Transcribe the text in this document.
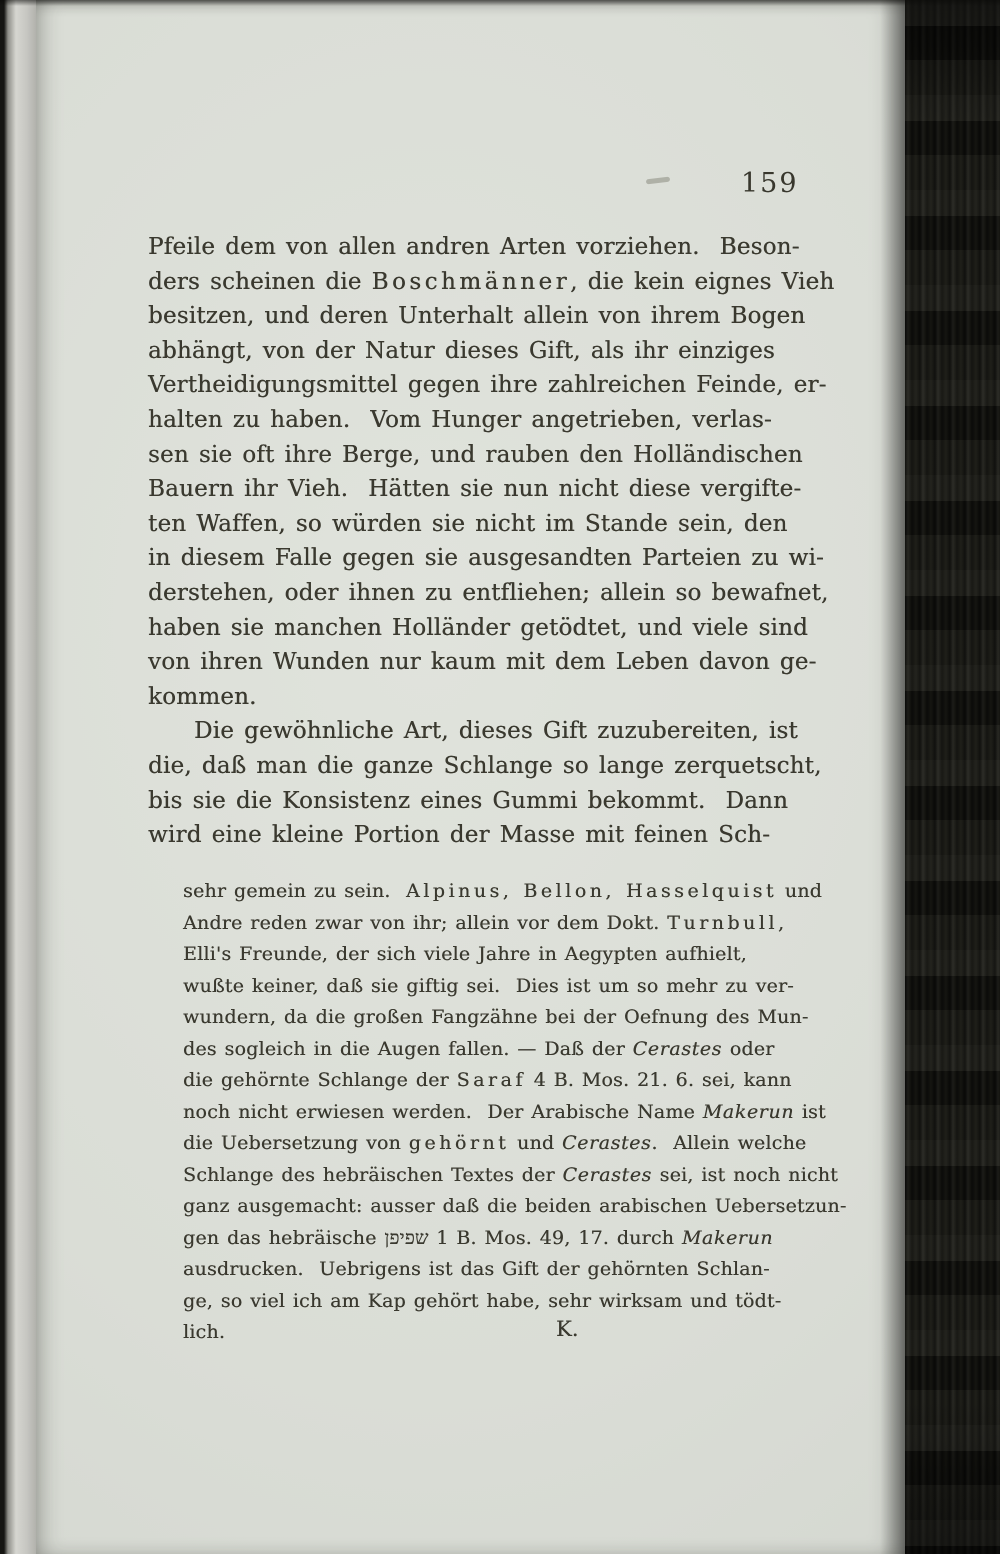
159
Pfeile dem von allen andren Arten vorziehen.  Beson-
ders scheinen die Boschmänner, die kein eignes Vieh
besitzen, und deren Unterhalt allein von ihrem Bogen
abhängt, von der Natur dieses Gift, als ihr einziges
Vertheidigungsmittel gegen ihre zahlreichen Feinde, er-
halten zu haben.  Vom Hunger angetrieben, verlas-
sen sie oft ihre Berge, und rauben den Holländischen
Bauern ihr Vieh.  Hätten sie nun nicht diese vergifte-
ten Waffen, so würden sie nicht im Stande sein, den
in diesem Falle gegen sie ausgesandten Parteien zu wi-
derstehen, oder ihnen zu entfliehen; allein so bewafnet,
haben sie manchen Holländer getödtet, und viele sind
von ihren Wunden nur kaum mit dem Leben davon ge-
kommen.
Die gewöhnliche Art, dieses Gift zuzubereiten, ist
die, daß man die ganze Schlange so lange zerquetscht,
bis sie die Konsistenz eines Gummi bekommt.  Dann
wird eine kleine Portion der Masse mit feinen Sch-
sehr gemein zu sein.  Alpinus, Bellon, Hasselquist und
Andre reden zwar von ihr; allein vor dem Dokt. Turnbull,
Elli's Freunde, der sich viele Jahre in Aegypten aufhielt,
wußte keiner, daß sie giftig sei.  Dies ist um so mehr zu ver-
wundern, da die großen Fangzähne bei der Oefnung des Mun-
des sogleich in die Augen fallen. — Daß der Cerastes oder
die gehörnte Schlange der Saraf 4 B. Mos. 21. 6. sei, kann
noch nicht erwiesen werden.  Der Arabische Name Makerun ist
die Uebersetzung von gehörnt und Cerastes.  Allein welche
Schlange des hebräischen Textes der Cerastes sei, ist noch nicht
ganz ausgemacht: ausser daß die beiden arabischen Uebersetzun-
gen das hebräische שפיפן 1 B. Mos. 49, 17. durch Makerun
ausdrucken.  Uebrigens ist das Gift der gehörnten Schlan-
ge, so viel ich am Kap gehört habe, sehr wirksam und tödt-
lich.	K.
